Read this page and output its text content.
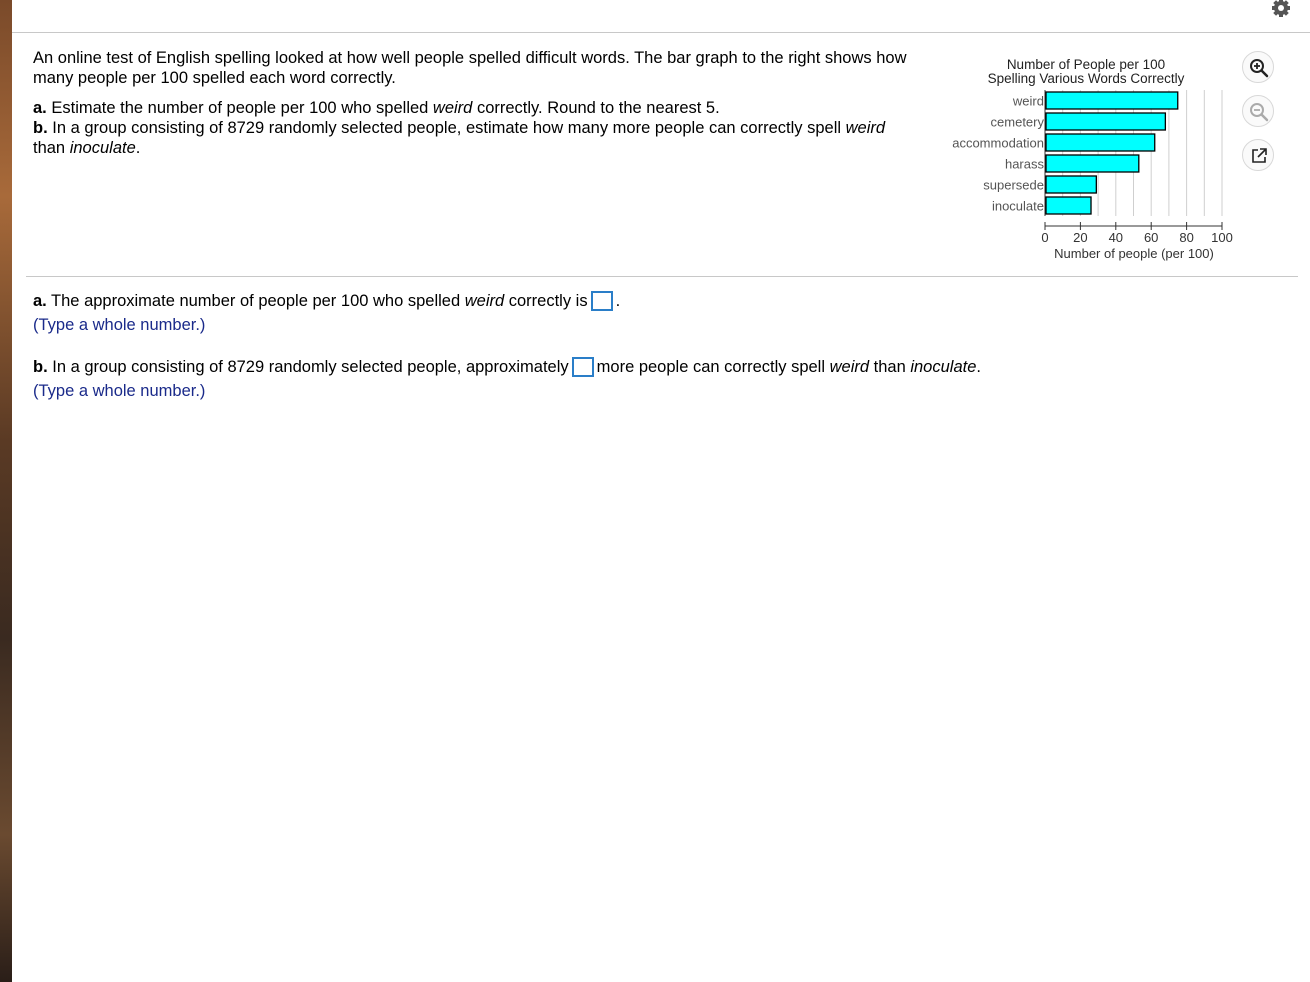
An online test of English spelling looked at how well people spelled difficult words. The bar graph to the right shows how many people per 100 spelled each word correctly.

a. Estimate the number of people per 100 who spelled weird correctly. Round to the nearest 5.

b. In a group consisting of 8729 randomly selected people, estimate how many more people can correctly spell weird than inoculate.

Number of People per 100
Spelling Various Words Correctly
weird
cemetery
accommodation
harass
supersede
inoculate
0 20 40 60 80 100
Number of people (per 100)
a. The approximate number of people per 100 who spelled weird correctly is .
(Type a whole number.)
b. In a group consisting of 8729 randomly selected people, approximately more people can correctly spell weird than inoculate.
(Type a whole number.)
